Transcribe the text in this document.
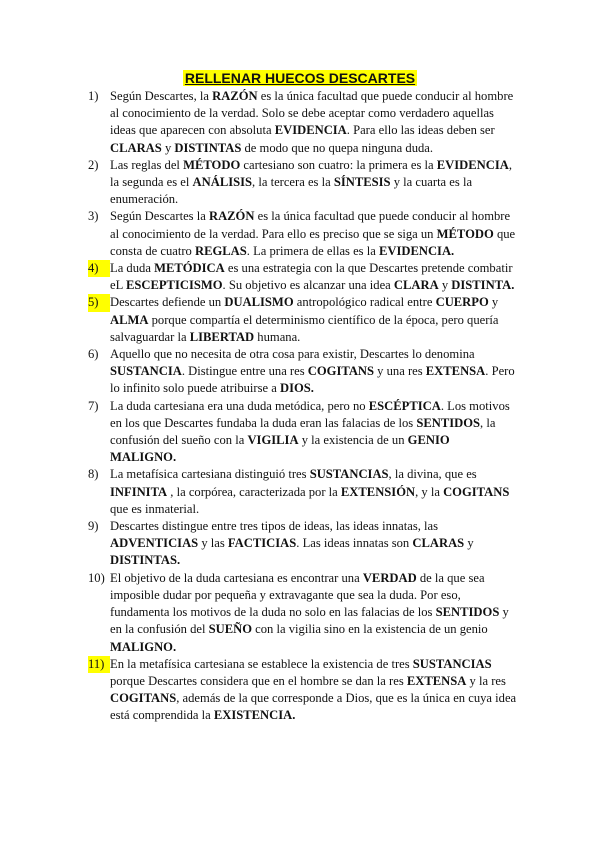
RELLENAR HUECOS DESCARTES
1) Según Descartes, la RAZÓN es la única facultad que puede conducir al hombre al conocimiento de la verdad. Solo se debe aceptar como verdadero aquellas ideas que aparecen con absoluta EVIDENCIA. Para ello las ideas deben ser CLARAS y DISTINTAS de modo que no quepa ninguna duda.
2) Las reglas del MÉTODO cartesiano son cuatro: la primera es la EVIDENCIA, la segunda es el ANÁLISIS, la tercera es la SÍNTESIS y la cuarta es la enumeración.
3) Según Descartes la RAZÓN es la única facultad que puede conducir al hombre al conocimiento de la verdad. Para ello es preciso que se siga un MÉTODO que consta de cuatro REGLAS. La primera de ellas es la EVIDENCIA.
4) La duda METÓDICA es una estrategia con la que Descartes pretende combatir eL ESCEPTICISMO. Su objetivo es alcanzar una idea CLARA y DISTINTA.
5) Descartes defiende un DUALISMO antropológico radical entre CUERPO y ALMA porque compartía el determinismo científico de la época, pero quería salvaguardar la LIBERTAD humana.
6) Aquello que no necesita de otra cosa para existir, Descartes lo denomina SUSTANCIA. Distingue entre una res COGITANS y una res EXTENSA. Pero lo infinito solo puede atribuirse a DIOS.
7) La duda cartesiana era una duda metódica, pero no ESCÉPTICA. Los motivos en los que Descartes fundaba la duda eran las falacias de los SENTIDOS, la confusión del sueño con la VIGILIA y la existencia de un GENIO MALIGNO.
8) La metafísica cartesiana distinguió tres SUSTANCIAS, la divina, que es INFINITA , la corpórea, caracterizada por la EXTENSIÓN, y la COGITANS que es inmaterial.
9) Descartes distingue entre tres tipos de ideas, las ideas innatas, las ADVENTICIAS y las FACTICIAS. Las ideas innatas son CLARAS y DISTINTAS.
10) El objetivo de la duda cartesiana es encontrar una VERDAD de la que sea imposible dudar por pequeña y extravagante que sea la duda. Por eso, fundamenta los motivos de la duda no solo en las falacias de los SENTIDOS y en la confusión del SUEÑO con la vigilia sino en la existencia de un genio MALIGNO.
11) En la metafísica cartesiana se establece la existencia de tres SUSTANCIAS porque Descartes considera que en el hombre se dan la res EXTENSA y la res COGITANS, además de la que corresponde a Dios, que es la única en cuya idea está comprendida la EXISTENCIA.
